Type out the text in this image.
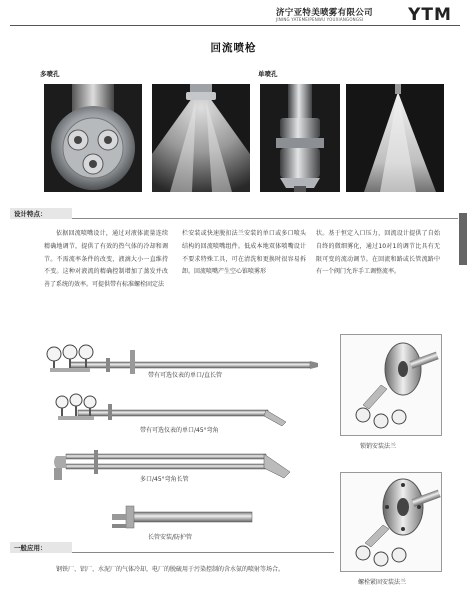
济宁亚特美喷雾有限公司
JINING YATEMEIPENWU YOUXIANGONGSI	YTM
回流喷枪
多喷孔	单喷孔
设计特点：
依据回流喷嘴设计，通过对液体流量连续精确地调节，提供了有效的热气体的冷却和调节。不需流率条件的改变，液滴大小一直维持不变。这种对液流的精确控制增加了蒸发并改善了系统的效率。可提供带有标准螺栓固定法
栏安装或快速脱扣法兰安装的单口或多口喷头结构的回流喷嘴组件。低成本地双体喷嘴设计不要求特殊工具，可在清洗和更换时很容易拆卸。回流喷嘴产生空心锥喷雾形
状。基于恒定入口压力，回流设计提供了自始自终的微细雾化，通过10对1的调节比具有无限可变的流动调节。在回流和路或长管流路中有一个阀门允许手工调整流率。
带有可选仪表的单口/直长管
带有可选仪表的单口/45°弯角
多口/45°弯角长管
长管安装/防护管
锁销安装法兰
螺栓紧固安装法兰
一般应用：
钢铁厂、铝厂、水泥厂的气体冷却，电厂的脱硫用于污染控制的含水氨的喷射等场合。
